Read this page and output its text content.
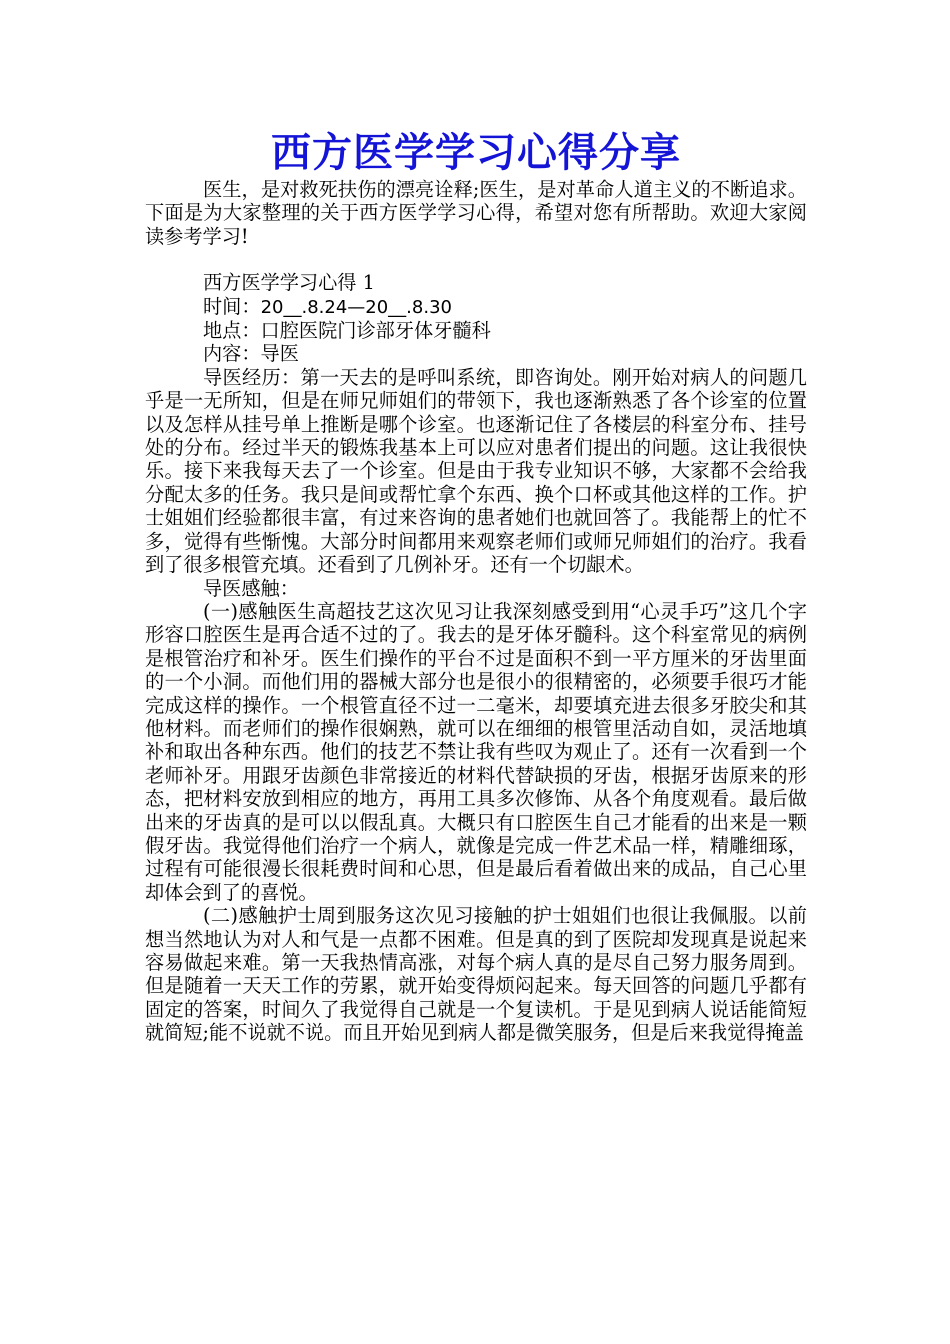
西方医学学习心得分享

医生，是对救死扶伤的漂亮诠释;医生，是对革命人道主义的不断追求。下面是为大家整理的关于西方医学学习心得，希望对您有所帮助。欢迎大家阅读参考学习!

西方医学学习心得 1

时间：20__.8.24—20__.8.30

地点：口腔医院门诊部牙体牙髓科

内容：导医

导医经历：第一天去的是呼叫系统，即咨询处。刚开始对病人的问题几乎是一无所知，但是在师兄师姐们的带领下，我也逐渐熟悉了各个诊室的位置以及怎样从挂号单上推断是哪个诊室。也逐渐记住了各楼层的科室分布、挂号处的分布。经过半天的锻炼我基本上可以应对患者们提出的问题。这让我很快乐。接下来我每天去了一个诊室。但是由于我专业知识不够，大家都不会给我分配太多的任务。我只是间或帮忙拿个东西、换个口杯或其他这样的工作。护士姐姐们经验都很丰富，有过来咨询的患者她们也就回答了。我能帮上的忙不多，觉得有些惭愧。大部分时间都用来观察老师们或师兄师姐们的治疗。我看到了很多根管充填。还看到了几例补牙。还有一个切龈术。

导医感触：

(一)感触医生高超技艺这次见习让我深刻感受到用“心灵手巧”这几个字形容口腔医生是再合适不过的了。我去的是牙体牙髓科。这个科室常见的病例是根管治疗和补牙。医生们操作的平台不过是面积不到一平方厘米的牙齿里面的一个小洞。而他们用的器械大部分也是很小的很精密的，必须要手很巧才能完成这样的操作。一个根管直径不过一二毫米，却要填充进去很多牙胶尖和其他材料。而老师们的操作很娴熟，就可以在细细的根管里活动自如，灵活地填补和取出各种东西。他们的技艺不禁让我有些叹为观止了。还有一次看到一个老师补牙。用跟牙齿颜色非常接近的材料代替缺损的牙齿，根据牙齿原来的形态，把材料安放到相应的地方，再用工具多次修饰、从各个角度观看。最后做出来的牙齿真的是可以以假乱真。大概只有口腔医生自己才能看的出来是一颗假牙齿。我觉得他们治疗一个病人，就像是完成一件艺术品一样，精雕细琢，过程有可能很漫长很耗费时间和心思，但是最后看着做出来的成品，自己心里却体会到了的喜悦。

(二)感触护士周到服务这次见习接触的护士姐姐们也很让我佩服。以前想当然地认为对人和气是一点都不困难。但是真的到了医院却发现真是说起来容易做起来难。第一天我热情高涨，对每个病人真的是尽自己努力服务周到。但是随着一天天工作的劳累，就开始变得烦闷起来。每天回答的问题几乎都有固定的答案，时间久了我觉得自己就是一个复读机。于是见到病人说话能简短就简短;能不说就不说。而且开始见到病人都是微笑服务，但是后来我觉得掩盖
